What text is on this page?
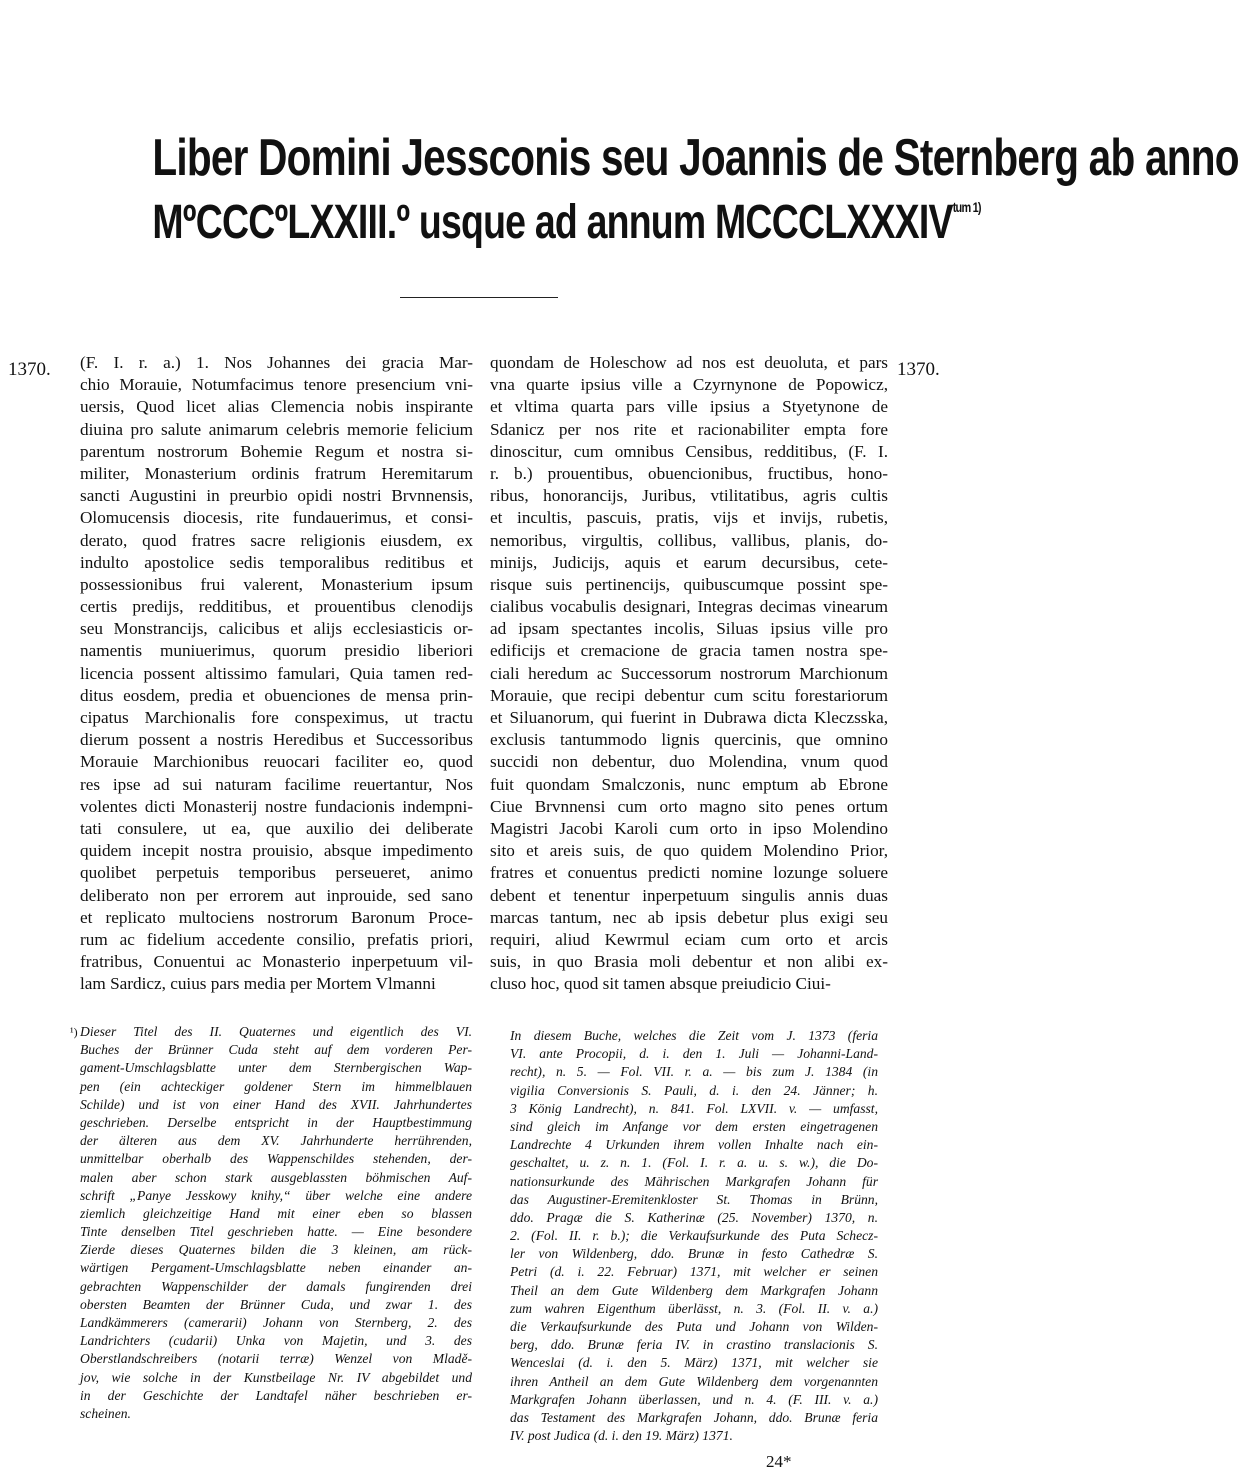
Liber Domini Jessconis seu Joannis de Sternberg ab anno
MºCCCºLXXIII.º usque ad annum $MCCCLXXXIV^{tum 1)}$
1370.	1370.
(F. I. r. a.) 1. Nos Johannes dei gracia Mar-
chio Morauie, Notumfacimus tenore presencium vni-
uersis, Quod licet alias Clemencia nobis inspirante
diuina pro salute animarum celebris memorie felicium
parentum nostrorum Bohemie Regum et nostra si-
militer, Monasterium ordinis fratrum Heremitarum
sancti Augustini in preurbio opidi nostri Brvnnensis,
Olomucensis diocesis, rite fundauerimus, et consi-
derato, quod fratres sacre religionis eiusdem, ex
indulto apostolice sedis temporalibus reditibus et
possessionibus frui valerent, Monasterium ipsum
certis predijs, redditibus, et prouentibus clenodijs
seu Monstrancijs, calicibus et alijs ecclesiasticis or-
namentis muniuerimus, quorum presidio liberiori
licencia possent altissimo famulari, Quia tamen red-
ditus eosdem, predia et obuenciones de mensa prin-
cipatus Marchionalis fore conspeximus, ut tractu
dierum possent a nostris Heredibus et Successoribus
Morauie Marchionibus reuocari faciliter eo, quod
res ipse ad sui naturam facilime reuertantur, Nos
volentes dicti Monasterij nostre fundacionis indempni-
tati consulere, ut ea, que auxilio dei deliberate
quidem incepit nostra prouisio, absque impedimento
quolibet perpetuis temporibus perseueret, animo
deliberato non per errorem aut inprouide, sed sano
et replicato multociens nostrorum Baronum Proce-
rum ac fidelium accedente consilio, prefatis priori,
fratribus, Conuentui ac Monasterio inperpetuum vil-
lam Sardicz, cuius pars media per Mortem Vlmanni
quondam de Holeschow ad nos est deuoluta, et pars
vna quarte ipsius ville a Czyrnynone de Popowicz,
et vltima quarta pars ville ipsius a Styetynone de
Sdanicz per nos rite et racionabiliter empta fore
dinoscitur, cum omnibus Censibus, redditibus, (F. I.
r. b.) prouentibus, obuencionibus, fructibus, hono-
ribus, honorancijs, Juribus, vtilitatibus, agris cultis
et incultis, pascuis, pratis, vijs et invijs, rubetis,
nemoribus, virgultis, collibus, vallibus, planis, do-
minijs, Judicijs, aquis et earum decursibus, cete-
risque suis pertinencijs, quibuscumque possint spe-
cialibus vocabulis designari, Integras decimas vinearum
ad ipsam spectantes incolis, Siluas ipsius ville pro
edificijs et cremacione de gracia tamen nostra spe-
ciali heredum ac Successorum nostrorum Marchionum
Morauie, que recipi debentur cum scitu forestariorum
et Siluanorum, qui fuerint in Dubrawa dicta Kleczsska,
exclusis tantummodo lignis quercinis, que omnino
succidi non debentur, duo Molendina, vnum quod
fuit quondam Smalczonis, nunc emptum ab Ebrone
Ciue Brvnnensi cum orto magno sito penes ortum
Magistri Jacobi Karoli cum orto in ipso Molendino
sito et areis suis, de quo quidem Molendino Prior,
fratres et conuentus predicti nomine lozunge soluere
debent et tenentur inperpetuum singulis annis duas
marcas tantum, nec ab ipsis debetur plus exigi seu
requiri, aliud Kewrmul eciam cum orto et arcis
suis, in quo Brasia moli debentur et non alibi ex-
cluso hoc, quod sit tamen absque preiudicio Ciui-
¹) Dieser Titel des II. Quaternes und eigentlich des VI.
Buches der Brünner Cuda steht auf dem vorderen Per-
gament-Umschlagsblatte unter dem Sternbergischen Wap-
pen (ein achteckiger goldener Stern im himmelblauen
Schilde) und ist von einer Hand des XVII. Jahrhundertes
geschrieben. Derselbe entspricht in der Hauptbestimmung
der älteren aus dem XV. Jahrhunderte herrührenden,
unmittelbar oberhalb des Wappenschildes stehenden, der-
malen aber schon stark ausgeblassten böhmischen Auf-
schrift „Panye Jesskowy knihy,“ über welche eine andere
ziemlich gleichzeitige Hand mit einer eben so blassen
Tinte denselben Titel geschrieben hatte. — Eine besondere
Zierde dieses Quaternes bilden die 3 kleinen, am rück-
wärtigen Pergament-Umschlagsblatte neben einander an-
gebrachten Wappenschilder der damals fungirenden drei
obersten Beamten der Brünner Cuda, und zwar 1. des
Landkämmerers (camerarii) Johann von Sternberg, 2. des
Landrichters (cudarii) Unka von Majetin, und 3. des
Oberstlandschreibers (notarii terræ) Wenzel von Mladě-
jov, wie solche in der Kunstbeilage Nr. IV abgebildet und
in der Geschichte der Landtafel näher beschrieben er-
scheinen.
In diesem Buche, welches die Zeit vom J. 1373 (feria
VI. ante Procopii, d. i. den 1. Juli — Johanni-Land-
recht), n. 5. — Fol. VII. r. a. — bis zum J. 1384 (in
vigilia Conversionis S. Pauli, d. i. den 24. Jänner; h.
3 König Landrecht), n. 841. Fol. LXVII. v. — umfasst,
sind gleich im Anfange vor dem ersten eingetragenen
Landrechte 4 Urkunden ihrem vollen Inhalte nach ein-
geschaltet, u. z. n. 1. (Fol. I. r. a. u. s. w.), die Do-
nationsurkunde des Mährischen Markgrafen Johann für
das Augustiner-Eremitenkloster St. Thomas in Brünn,
ddo. Pragæ die S. Katherinæ (25. November) 1370, n.
2. (Fol. II. r. b.); die Verkaufsurkunde des Puta Schecz-
ler von Wildenberg, ddo. Brunæ in festo Cathedræ S.
Petri (d. i. 22. Februar) 1371, mit welcher er seinen
Theil an dem Gute Wildenberg dem Markgrafen Johann
zum wahren Eigenthum überlässt, n. 3. (Fol. II. v. a.)
die Verkaufsurkunde des Puta und Johann von Wilden-
berg, ddo. Brunæ feria IV. in crastino translacionis S.
Wenceslai (d. i. den 5. März) 1371, mit welcher sie
ihren Antheil an dem Gute Wildenberg dem vorgenannten
Markgrafen Johann überlassen, und n. 4. (F. III. v. a.)
das Testament des Markgrafen Johann, ddo. Brunæ feria
IV. post Judica (d. i. den 19. März) 1371.
24*
